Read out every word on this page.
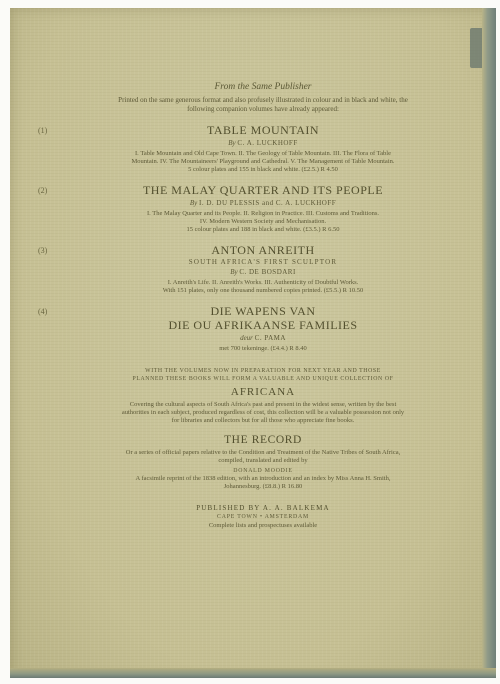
From the Same Publisher
Printed on the same generous format and also profusely illustrated in colour and in black and white, the
following companion volumes have already appeared:
(1)	TABLE MOUNTAIN
By C. A. LUCKHOFF
I. Table Mountain and Old Cape Town. II. The Geology of Table Mountain. III. The Flora of Table
Mountain. IV. The Mountaineers' Playground and Cathedral. V. The Management of Table Mountain.
5 colour plates and 155 in black and white. (£2.5.) R 4.50
(2)	THE MALAY QUARTER AND ITS PEOPLE
By I. D. DU PLESSIS and C. A. LUCKHOFF
I. The Malay Quarter and its People. II. Religion in Practice. III. Customs and Traditions.
IV. Modern Western Society and Mechanisation.
15 colour plates and 188 in black and white. (£3.5.) R 6.50
(3)	ANTON ANREITH
SOUTH AFRICA'S FIRST SCULPTOR
By C. DE BOSDARI
I. Anreith's Life. II. Anreith's Works. III. Authenticity of Doubtful Works.
With 151 plates, only one thousand numbered copies printed. (£5.5.) R 10.50
(4)	DIE WAPENS VAN
DIE OU AFRIKAANSE FAMILIES
deur C. PAMA
met 700 tekeninge. (£4.4.) R 8.40
WITH THE VOLUMES NOW IN PREPARATION FOR NEXT YEAR AND THOSE
PLANNED THESE BOOKS WILL FORM A VALUABLE AND UNIQUE COLLECTION OF
AFRICANA
Covering the cultural aspects of South Africa's past and present in the widest sense, written by the best
authorities in each subject, produced regardless of cost, this collection will be a valuable possession not only
for libraries and collectors but for all those who appreciate fine books.
THE RECORD
Or a series of official papers relative to the Condition and Treatment of the Native Tribes of South Africa,
compiled, translated and edited by
DONALD MOODIE
A facsimile reprint of the 1838 edition, with an introduction and an index by Miss Anna H. Smith,
Johannesburg. (£8.8.) R 16.80
PUBLISHED BY A. A. BALKEMA
CAPE TOWN • AMSTERDAM
Complete lists and prospectuses available
